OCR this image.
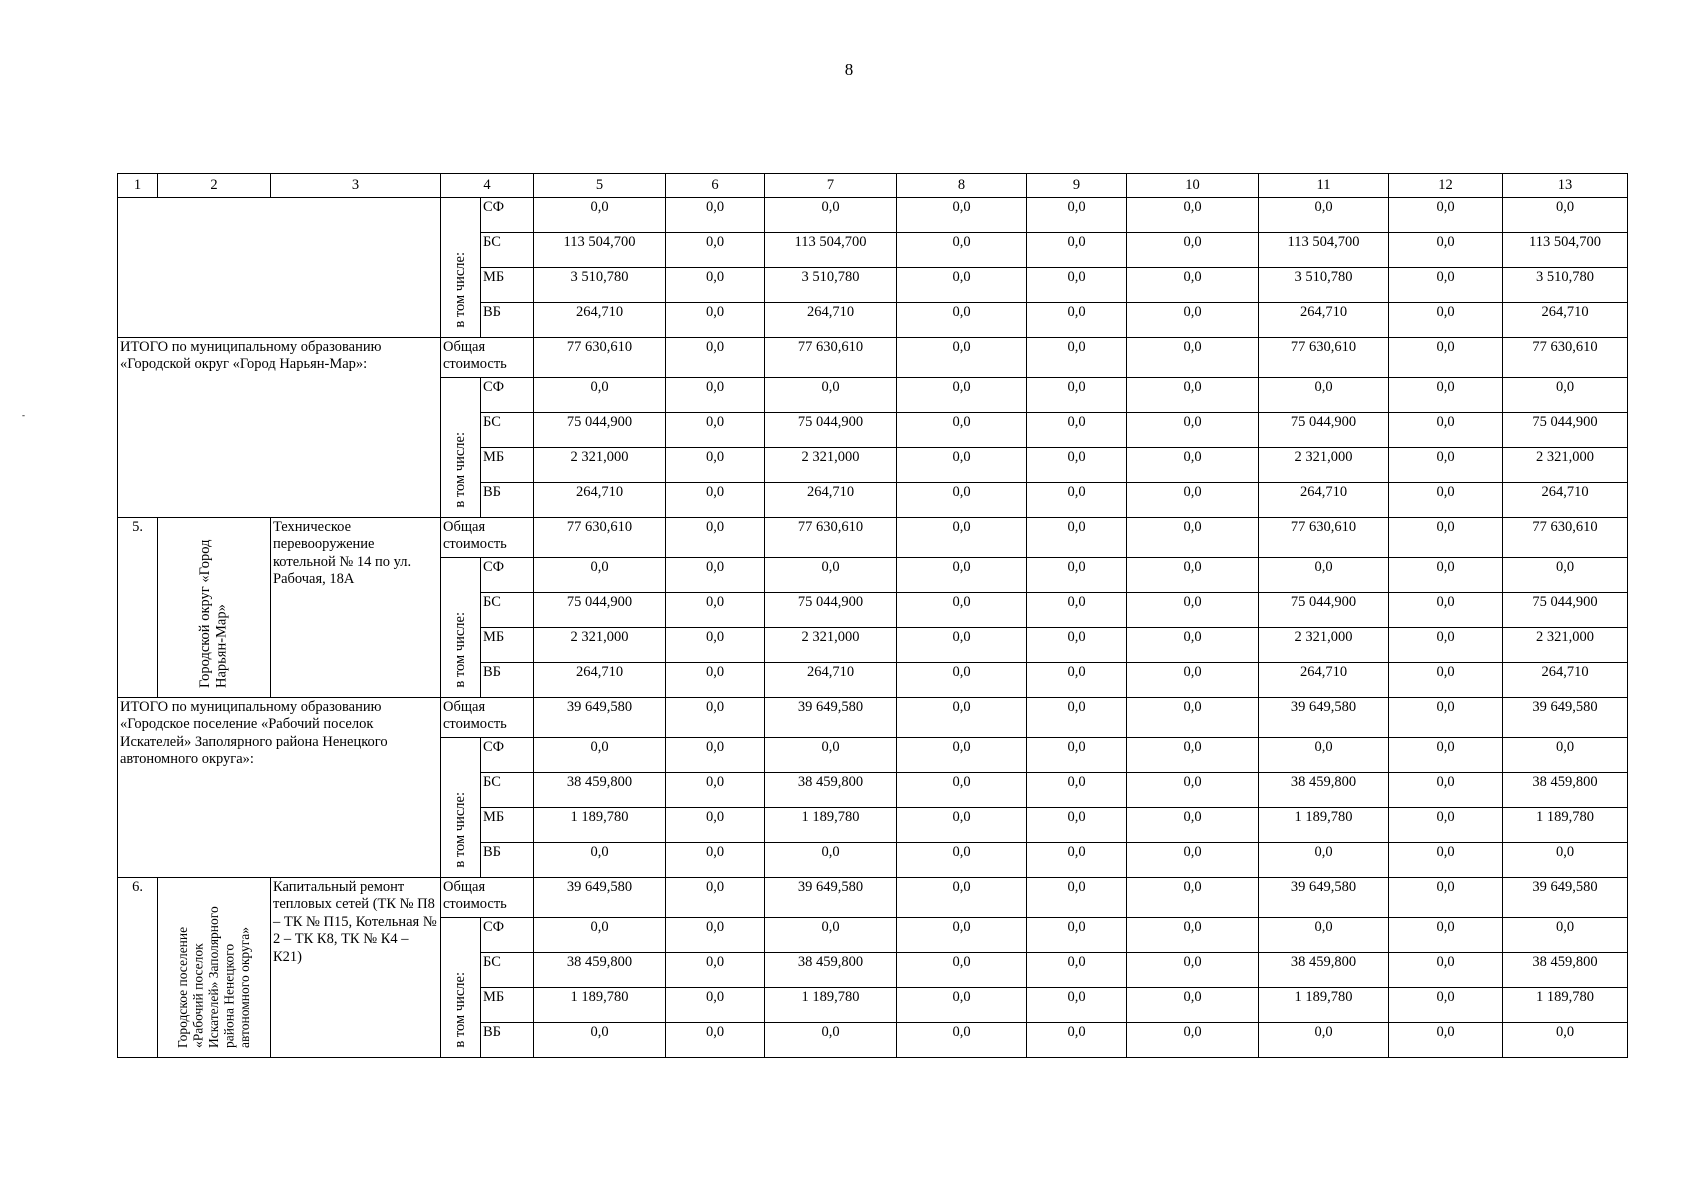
8
-
1	2	3	4		5	6	7	8	9	10	11	12	13
			в том числе:	СФ	0,0	0,0	0,0	0,0	0,0	0,0	0,0	0,0	0,0
				БС	113 504,700	0,0	113 504,700	0,0	0,0	0,0	113 504,700	0,0	113 504,700
				МБ	3 510,780	0,0	3 510,780	0,0	0,0	0,0	3 510,780	0,0	3 510,780
				ВБ	264,710	0,0	264,710	0,0	0,0	0,0	264,710	0,0	264,710
ИТОГО по муниципальному образованию «Городской округ «Город Нарьян-Мар»:			Общая стоимость		77 630,610	0,0	77 630,610	0,0	0,0	0,0	77 630,610	0,0	77 630,610
			в том числе:	СФ	0,0	0,0	0,0	0,0	0,0	0,0	0,0	0,0	0,0
				БС	75 044,900	0,0	75 044,900	0,0	0,0	0,0	75 044,900	0,0	75 044,900
				МБ	2 321,000	0,0	2 321,000	0,0	0,0	0,0	2 321,000	0,0	2 321,000
				ВБ	264,710	0,0	264,710	0,0	0,0	0,0	264,710	0,0	264,710
5.	Городской округ «Город Нарьян-Мар»	Техническое перевооружение котельной № 14 по ул. Рабочая, 18А	Общая стоимость		77 630,610	0,0	77 630,610	0,0	0,0	0,0	77 630,610	0,0	77 630,610
			в том числе:	СФ	0,0	0,0	0,0	0,0	0,0	0,0	0,0	0,0	0,0
				БС	75 044,900	0,0	75 044,900	0,0	0,0	0,0	75 044,900	0,0	75 044,900
				МБ	2 321,000	0,0	2 321,000	0,0	0,0	0,0	2 321,000	0,0	2 321,000
				ВБ	264,710	0,0	264,710	0,0	0,0	0,0	264,710	0,0	264,710
ИТОГО по муниципальному образованию «Городское поселение «Рабочий поселок Искателей» Заполярного района Ненецкого автономного округа»:			Общая стоимость		39 649,580	0,0	39 649,580	0,0	0,0	0,0	39 649,580	0,0	39 649,580
			в том числе:	СФ	0,0	0,0	0,0	0,0	0,0	0,0	0,0	0,0	0,0
				БС	38 459,800	0,0	38 459,800	0,0	0,0	0,0	38 459,800	0,0	38 459,800
				МБ	1 189,780	0,0	1 189,780	0,0	0,0	0,0	1 189,780	0,0	1 189,780
				ВБ	0,0	0,0	0,0	0,0	0,0	0,0	0,0	0,0	0,0
6.	Городское поселение «Рабочий поселок Искателей» Заполярного района Ненецкого автономного округа»	Капитальный ремонт тепловых сетей (ТК № П8 – ТК № П15, Котельная № 2 – ТК К8, ТК № К4 – К21)	Общая стоимость		39 649,580	0,0	39 649,580	0,0	0,0	0,0	39 649,580	0,0	39 649,580
			в том числе:	СФ	0,0	0,0	0,0	0,0	0,0	0,0	0,0	0,0	0,0
				БС	38 459,800	0,0	38 459,800	0,0	0,0	0,0	38 459,800	0,0	38 459,800
				МБ	1 189,780	0,0	1 189,780	0,0	0,0	0,0	1 189,780	0,0	1 189,780
				ВБ	0,0	0,0	0,0	0,0	0,0	0,0	0,0	0,0	0,0
